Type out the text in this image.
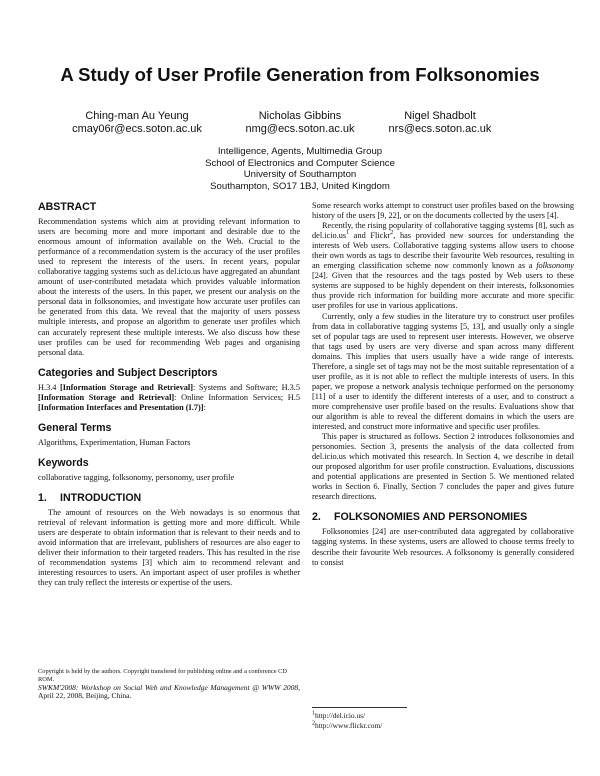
A Study of User Profile Generation from Folksonomies
Ching-man Au Yeung
cmay06r@ecs.soton.ac.uk
Nicholas Gibbins
nmg@ecs.soton.ac.uk
Nigel Shadbolt
nrs@ecs.soton.ac.uk
Intelligence, Agents, Multimedia Group
School of Electronics and Computer Science
University of Southampton
Southampton, SO17 1BJ, United Kingdom
ABSTRACT

Recommendation systems which aim at providing relevant information to users are becoming more and more important and desirable due to the enormous amount of information available on the Web. Crucial to the performance of a recommendation system is the accuracy of the user profiles used to represent the interests of the users. In recent years, popular collaborative tagging systems such as del.icio.us have aggregated an abundant amount of user-contributed metadata which provides valuable information about the interests of the users. In this paper, we present our analysis on the personal data in folksonomies, and investigate how accurate user profiles can be generated from this data. We reveal that the majority of users possess multiple interests, and propose an algorithm to generate user profiles which can accurately represent these multiple interests. We also discuss how these user profiles can be used for recommending Web pages and organising personal data.

Categories and Subject Descriptors

H.3.4 [Information Storage and Retrieval]: Systems and Software; H.3.5 [Information Storage and Retrieval]: Online Information Services; H.5 [Information Interfaces and Presentation (I.7)]:

General Terms

Algorithms, Experimentation, Human Factors

Keywords

collaborative tagging, folksonomy, personomy, user profile

1. INTRODUCTION

The amount of resources on the Web nowadays is so enormous that retrieval of relevant information is getting more and more difficult. While users are desperate to obtain information that is relevant to their needs and to avoid information that are irrelevant, publishers of resources are also eager to deliver their information to their targeted readers. This has resulted in the rise of recommendation systems [3] which aim to recommend relevant and interesting resources to users. An important aspect of user profiles is whether they can truly reflect the interests or expertise of the users.

Copyright is held by the authors. Copyright transfered for publishing online and a conference CD ROM.
SWKM'2008: Workshop on Social Web and Knowledge Management @ WWW 2008, April 22, 2008, Beijing, China.

Some research works attempt to construct user profiles based on the browsing history of the users [9, 22], or on the documents collected by the users [4].

Recently, the rising popularity of collaborative tagging systems [8], such as $del.icio.us^1$ and Flickr$^2$, has provided new sources for understanding the interests of Web users. Collaborative tagging systems allow users to choose their own words as tags to describe their favourite Web resources, resulting in an emerging classification scheme now commonly known as a folksonomy [24]. Given that the resources and the tags posted by Web users to these systems are supposed to be highly dependent on their interests, folksonomies thus provide rich information for building more accurate and more specific user profiles for use in various applications.

Currently, only a few studies in the literature try to construct user profiles from data in collaborative tagging systems [5, 13], and usually only a single set of popular tags are used to represent user interests. However, we observe that tags used by users are very diverse and span across many different domains. This implies that users usually have a wide range of interests. Therefore, a single set of tags may not be the most suitable representation of a user profile, as it is not able to reflect the multiple interests of users. In this paper, we propose a network analysis technique performed on the personomy [11] of a user to identify the different interests of a user, and to construct a more comprehensive user profile based on the results. Evaluations show that our algorithm is able to reveal the different domains in which the users are interested, and construct more informative and specific user profiles.

This paper is structured as follows. Section 2 introduces folksonomies and personomies. Section 3, presents the analysis of the data collected from del.icio.us which motivated this research. In Section 4, we describe in detail our proposed algorithm for user profile construction. Evaluations, discussions and potential applications are presented in Section 5. We mentioned related works in Section 6. Finally, Section 7 concludes the paper and gives future research directions.

2. FOLKSONOMIES AND PERSONOMIES

Folksonomies [24] are user-contributed data aggregated by collaborative tagging systems. In these systems, users are allowed to choose terms freely to describe their favourite Web resources. A folksonomy is generally considered to consist

$^1$http://del.icio.us/
$^2$http://www.flickr.com/
